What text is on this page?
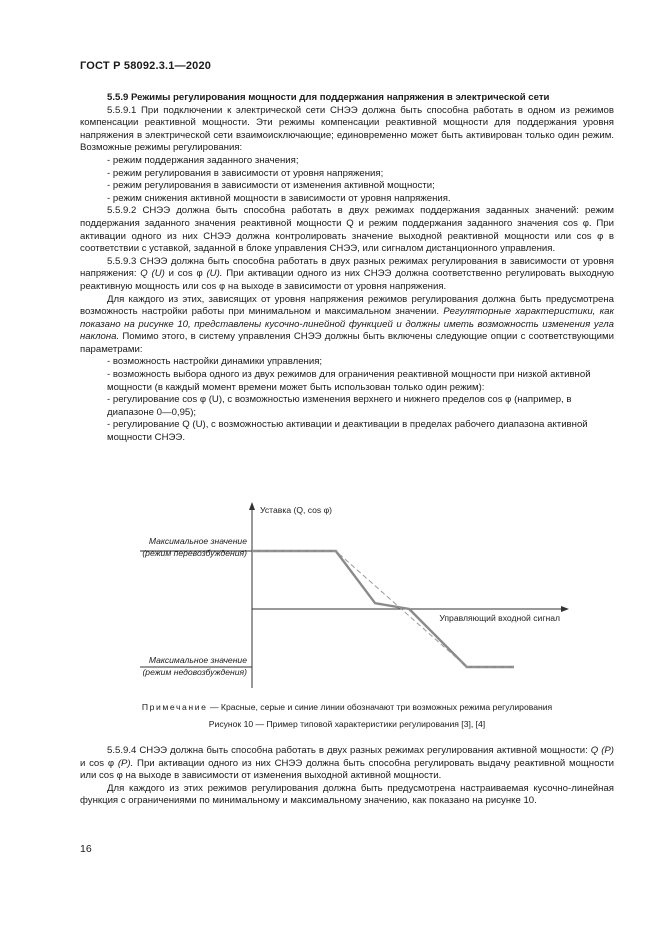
ГОСТ Р 58092.3.1—2020

5.5.9 Режимы регулирования мощности для поддержания напряжения в электрической сети

5.5.9.1 При подключении к электрической сети СНЭЭ должна быть способна работать в одном из режимов компенсации реактивной мощности. Эти режимы компенсации реактивной мощности для поддержания уровня напряжения в электрической сети взаимоисключающие; единовременно может быть активирован только один режим. Возможные режимы регулирования:

- режим поддержания заданного значения;
- режим регулирования в зависимости от уровня напряжения;
- режим регулирования в зависимости от изменения активной мощности;
- режим снижения активной мощности в зависимости от уровня напряжения.

5.5.9.2 СНЭЭ должна быть способна работать в двух режимах поддержания заданных значений: режим поддержания заданного значения реактивной мощности Q и режим поддержания заданного значения cos φ. При активации одного из них СНЭЭ должна контролировать значение выходной реактивной мощности или cos φ в соответствии с уставкой, заданной в блоке управления СНЭЭ, или сигналом дистанционного управления.

5.5.9.3 СНЭЭ должна быть способна работать в двух разных режимах регулирования в зависимости от уровня напряжения: Q (U) и cos φ (U). При активации одного из них СНЭЭ должна соответственно регулировать выходную реактивную мощность или cos φ на выходе в зависимости от уровня напряжения.

Для каждого из этих, зависящих от уровня напряжения режимов регулирования должна быть предусмотрена возможность настройки работы при минимальном и максимальном значении. Регуляторные характеристики, как показано на рисунке 10, представлены кусочно-линейной функцией и должны иметь возможность изменения угла наклона. Помимо этого, в систему управления СНЭЭ должны быть включены следующие опции с соответствующими параметрами:

- возможность настройки динамики управления;
- возможность выбора одного из двух режимов для ограничения реактивной мощности при низкой активной мощности (в каждый момент времени может быть использован только один режим):
- регулирование cos φ (U), с возможностью изменения верхнего и нижнего пределов cos φ (например, в диапазоне 0—0,95);
- регулирование Q (U), с возможностью активации и деактивации в пределах рабочего диапазона активной мощности СНЭЭ.
Уставка (Q, cos φ)
Управляющий входной сигнал
Максимальное значение
(режим перевозбуждения)
Максимальное значение
(режим недовозбуждения)
Примечание — Красные, серые и синие линии обозначают три возможных режима регулирования
Рисунок 10 — Пример типовой характеристики регулирования [3], [4]

5.5.9.4 СНЭЭ должна быть способна работать в двух разных режимах регулирования активной мощности: Q (P) и cos φ (P). При активации одного из них СНЭЭ должна быть способна регулировать выдачу реактивной мощности или cos φ на выходе в зависимости от изменения выходной активной мощности.

Для каждого из этих режимов регулирования должна быть предусмотрена настраиваемая кусочно-линейная функция с ограничениями по минимальному и максимальному значению, как показано на рисунке 10.

16
